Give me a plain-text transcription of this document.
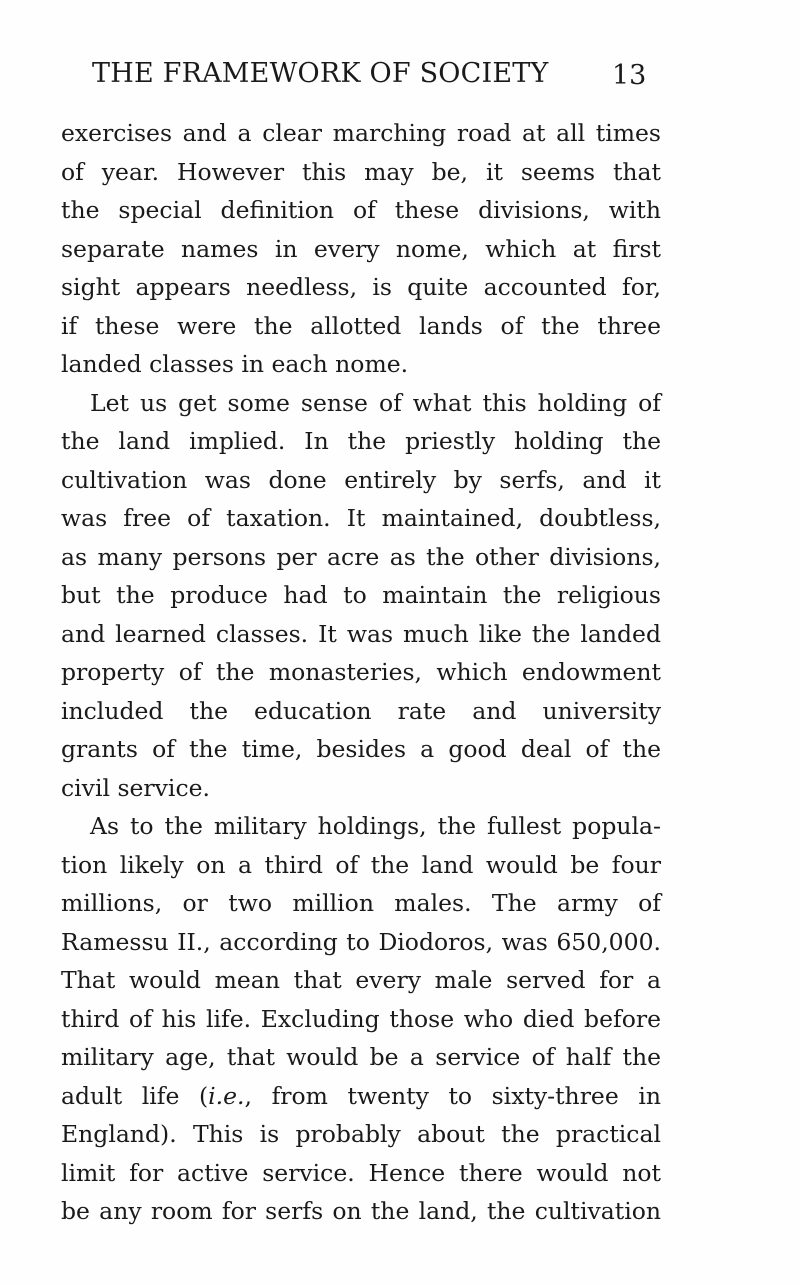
THE FRAMEWORK OF SOCIETY	13
exercises and a clear marching road at all times
of year. However this may be, it seems that
the special definition of these divisions, with
separate names in every nome, which at first
sight appears needless, is quite accounted for,
if these were the allotted lands of the three
landed classes in each nome.
Let us get some sense of what this holding of
the land implied. In the priestly holding the
cultivation was done entirely by serfs, and it
was free of taxation. It maintained, doubtless,
as many persons per acre as the other divisions,
but the produce had to maintain the religious
and learned classes. It was much like the landed
property of the monasteries, which endowment
included the education rate and university
grants of the time, besides a good deal of the
civil service.
As to the military holdings, the fullest popula-
tion likely on a third of the land would be four
millions, or two million males. The army of
Ramessu II., according to Diodoros, was 650,000.
That would mean that every male served for a
third of his life. Excluding those who died before
military age, that would be a service of half the
adult life (i.e., from twenty to sixty-three in
England). This is probably about the practical
limit for active service. Hence there would not
be any room for serfs on the land, the cultivation
